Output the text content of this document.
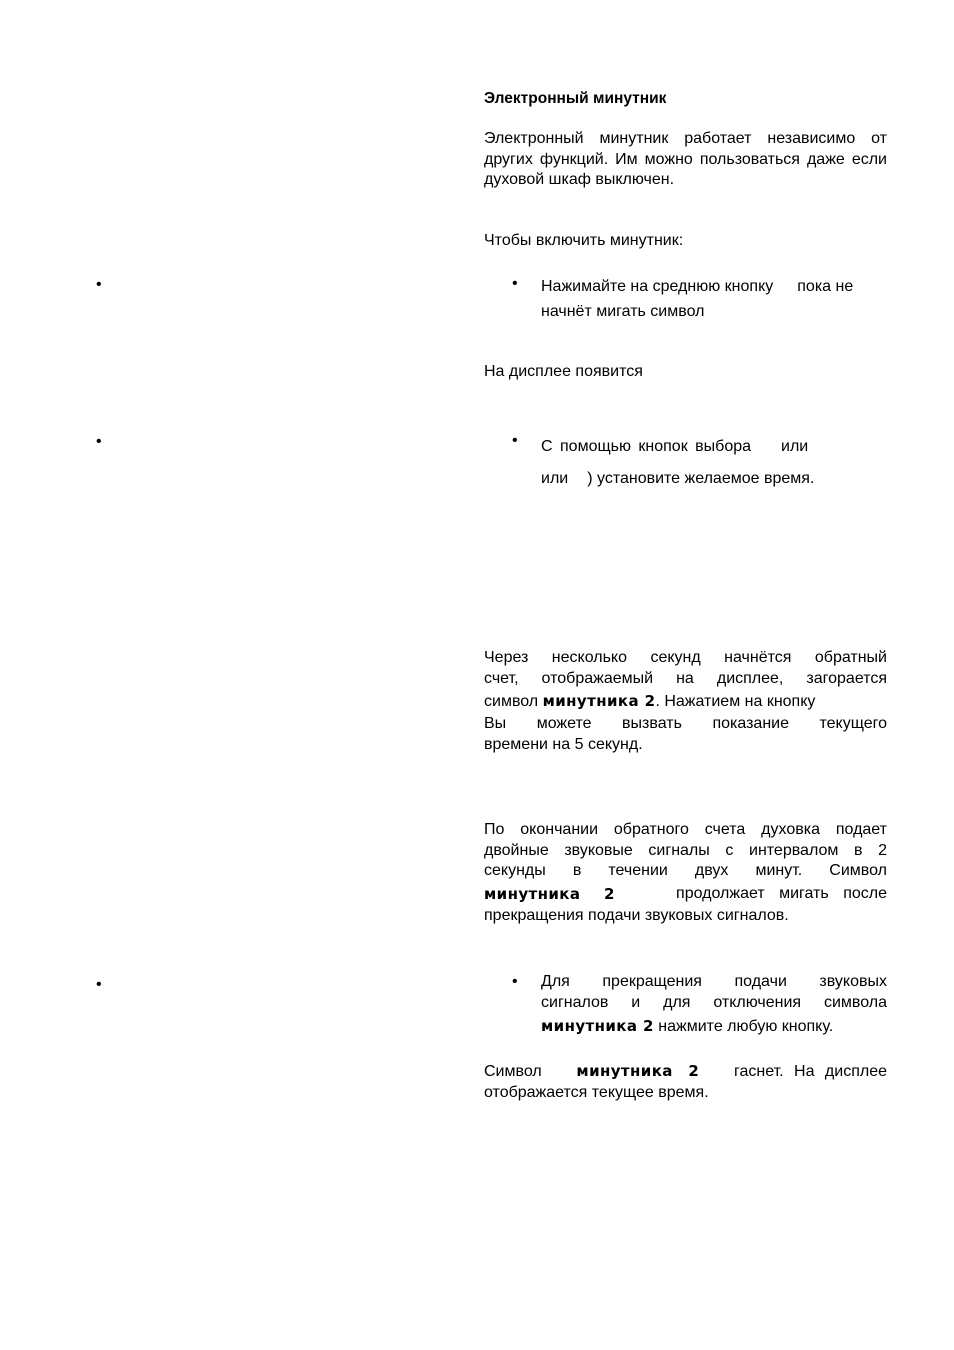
•
•
•
Электронный минутник
Электронный минутник работает независимо от других функций. Им можно пользоваться даже если духовой шкаф выключен.
Чтобы включить минутник:
• Нажимайте на среднюю кнопку пока не
начнёт мигать символ
На дисплее появится
• С помощью кнопок выбора или
или ) установите желаемое время.
Через несколько секунд начнётся обратный
счет, отображаемый на дисплее, загорается
символ минутника 2. Нажатием на кнопку
Вы можете вызвать показание текущего
времени на 5 секунд.
По окончании обратного счета духовка подает
двойные звуковые сигналы с интервалом в 2
секунды в течении двух минут. Символ
минутника 2	продолжает мигать после
прекращения подачи звуковых сигналов.
• Для прекращения подачи звуковых
сигналов и для отключения символа
минутника 2 нажмите любую кнопку.
Символ минутника 2 гаснет. На дисплее
отображается текущее время.
